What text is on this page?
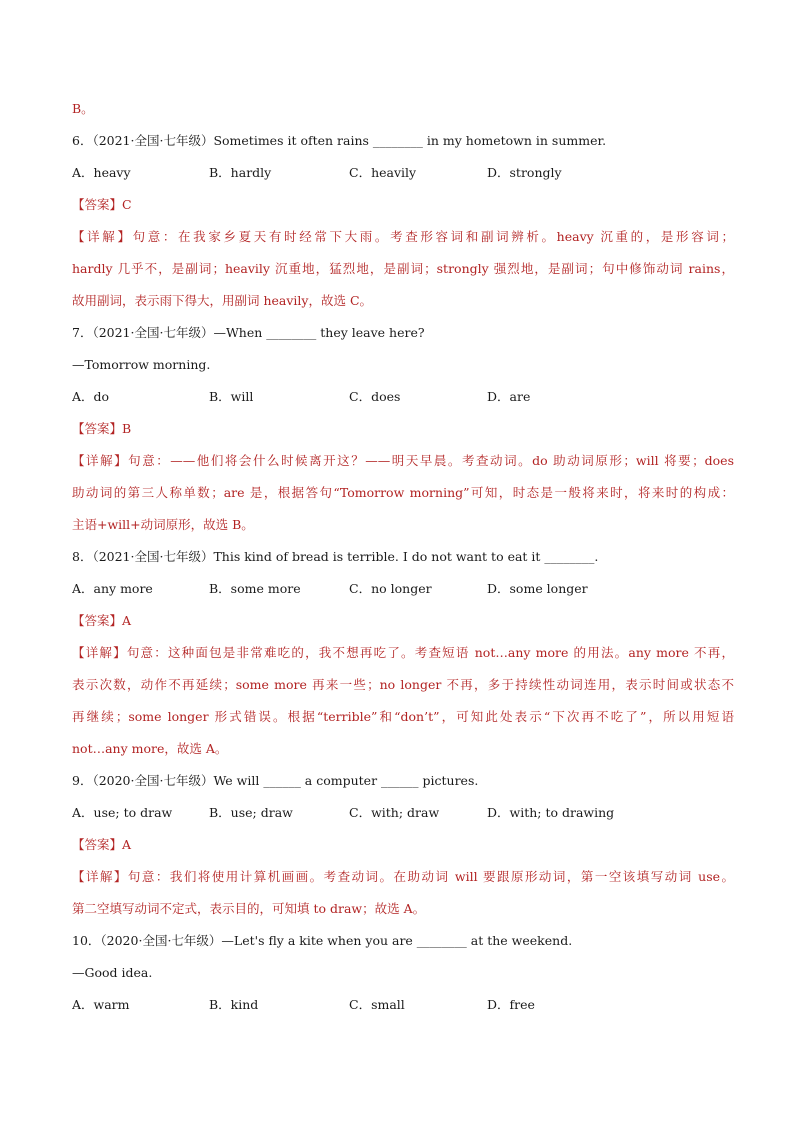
B。
6．（2021·全国·七年级）Sometimes it often rains ________ in my hometown in summer.
A．heavy	B．hardly	C．heavily	D．strongly
【答案】C
【详解】句意：在我家乡夏天有时经常下大雨。考查形容词和副词辨析。heavy 沉重的，是形容词；
hardly 几乎不，是副词；heavily 沉重地，猛烈地，是副词；strongly 强烈地，是副词；句中修饰动词 rains，
故用副词，表示雨下得大，用副词 heavily，故选 C。
7．（2021·全国·七年级）—When ________ they leave here?
—Tomorrow morning.
A．do	B．will	C．does	D．are
【答案】B
【详解】句意：——他们将会什么时候离开这？——明天早晨。考查动词。do 助动词原形；will 将要；does
助动词的第三人称单数；are 是，根据答句“Tomorrow morning”可知，时态是一般将来时，将来时的构成：
主语+will+动词原形，故选 B。
8．（2021·全国·七年级）This kind of bread is terrible. I do not want to eat it ________.
A．any more	B．some more	C．no longer	D．some longer
【答案】A
【详解】句意：这种面包是非常难吃的，我不想再吃了。考查短语 not…any more 的用法。any more 不再，
表示次数，动作不再延续；some more 再来一些；no longer 不再，多于持续性动词连用，表示时间或状态不
再继续；some longer 形式错误。根据“terrible”和“don’t”，可知此处表示“下次再不吃了”，所以用短语
not…any more，故选 A。
9．（2020·全国·七年级）We will ______ a computer ______ pictures.
A．use; to draw	B．use; draw	C．with; draw	D．with; to drawing
【答案】A
【详解】句意：我们将使用计算机画画。考查动词。在助动词 will 要跟原形动词，第一空该填写动词 use。
第二空填写动词不定式，表示目的，可知填 to draw；故选 A。
10．（2020·全国·七年级）—Let's fly a kite when you are ________ at the weekend.
—Good idea.
A．warm	B．kind	C．small	D．free
